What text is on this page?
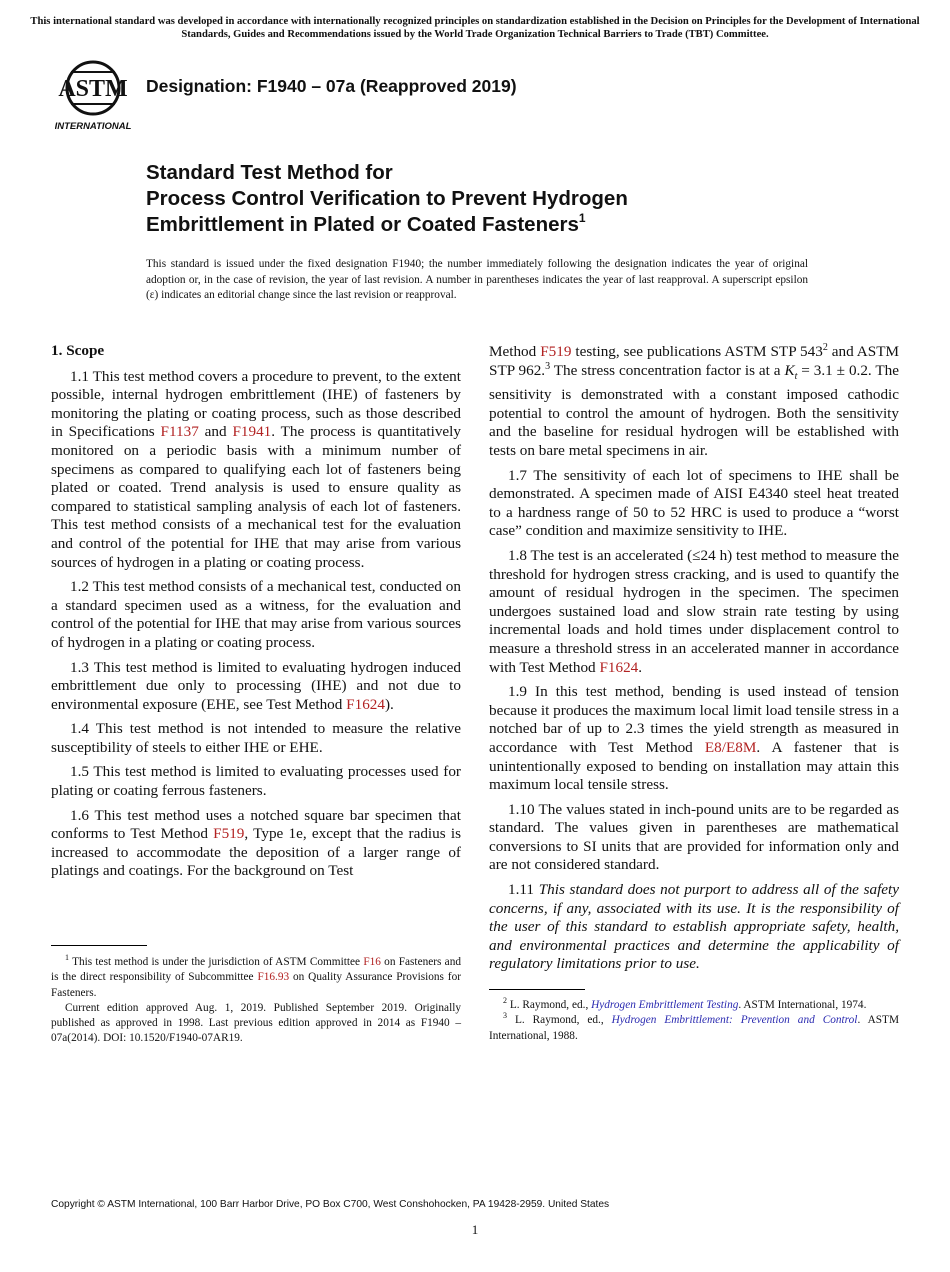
This international standard was developed in accordance with internationally recognized principles on standardization established in the Decision on Principles for the Development of International Standards, Guides and Recommendations issued by the World Trade Organization Technical Barriers to Trade (TBT) Committee.
ASTM
INTERNATIONAL
Designation: F1940 – 07a (Reapproved 2019)
Standard Test Method for
Process Control Verification to Prevent Hydrogen
Embrittlement in Plated or Coated Fasteners$^1$
This standard is issued under the fixed designation F1940; the number immediately following the designation indicates the year of original adoption or, in the case of revision, the year of last revision. A number in parentheses indicates the year of last reapproval. A superscript epsilon (ε) indicates an editorial change since the last revision or reapproval.
1. Scope

1.1 This test method covers a procedure to prevent, to the extent possible, internal hydrogen embrittlement (IHE) of fasteners by monitoring the plating or coating process, such as those described in Specifications F1137 and F1941. The process is quantitatively monitored on a periodic basis with a minimum number of specimens as compared to qualifying each lot of fasteners being plated or coated. Trend analysis is used to ensure quality as compared to statistical sampling analysis of each lot of fasteners. This test method consists of a mechanical test for the evaluation and control of the potential for IHE that may arise from various sources of hydrogen in a plating or coating process.

1.2 This test method consists of a mechanical test, conducted on a standard specimen used as a witness, for the evaluation and control of the potential for IHE that may arise from various sources of hydrogen in a plating or coating process.

1.3 This test method is limited to evaluating hydrogen induced embrittlement due only to processing (IHE) and not due to environmental exposure (EHE, see Test Method F1624).

1.4 This test method is not intended to measure the relative susceptibility of steels to either IHE or EHE.

1.5 This test method is limited to evaluating processes used for plating or coating ferrous fasteners.

1.6 This test method uses a notched square bar specimen that conforms to Test Method F519, Type 1e, except that the radius is increased to accommodate the deposition of a larger range of platings and coatings. For the background on Test

$^1$ This test method is under the jurisdiction of ASTM Committee F16 on Fasteners and is the direct responsibility of Subcommittee F16.93 on Quality Assurance Provisions for Fasteners.

Current edition approved Aug. 1, 2019. Published September 2019. Originally published as approved in 1998. Last previous edition approved in 2014 as F1940 – 07a(2014). DOI: 10.1520/F1940-07AR19.

Method F519 testing, see publications ASTM STP $543^2$ and ASTM STP 962.$^3$ The stress concentration factor is at a $K_t = 3.1 \pm 0.2$. The sensitivity is demonstrated with a constant imposed cathodic potential to control the amount of hydrogen. Both the sensitivity and the baseline for residual hydrogen will be established with tests on bare metal specimens in air.

1.7 The sensitivity of each lot of specimens to IHE shall be demonstrated. A specimen made of AISI E4340 steel heat treated to a hardness range of 50 to 52 HRC is used to produce a “worst case” condition and maximize sensitivity to IHE.

1.8 The test is an accelerated (≤24 h) test method to measure the threshold for hydrogen stress cracking, and is used to quantify the amount of residual hydrogen in the specimen. The specimen undergoes sustained load and slow strain rate testing by using incremental loads and hold times under displacement control to measure a threshold stress in an accelerated manner in accordance with Test Method F1624.

1.9 In this test method, bending is used instead of tension because it produces the maximum local limit load tensile stress in a notched bar of up to 2.3 times the yield strength as measured in accordance with Test Method E8/E8M. A fastener that is unintentionally exposed to bending on installation may attain this maximum local tensile stress.

1.10 The values stated in inch-pound units are to be regarded as standard. The values given in parentheses are mathematical conversions to SI units that are provided for information only and are not considered standard.

1.11 This standard does not purport to address all of the safety concerns, if any, associated with its use. It is the responsibility of the user of this standard to establish appropriate safety, health, and environmental practices and determine the applicability of regulatory limitations prior to use.

$^2$ L. Raymond, ed., Hydrogen Embrittlement Testing. ASTM International, 1974.

$^3$ L. Raymond, ed., Hydrogen Embrittlement: Prevention and Control. ASTM International, 1988.

Copyright © ASTM International, 100 Barr Harbor Drive, PO Box C700, West Conshohocken, PA 19428-2959. United States
1
